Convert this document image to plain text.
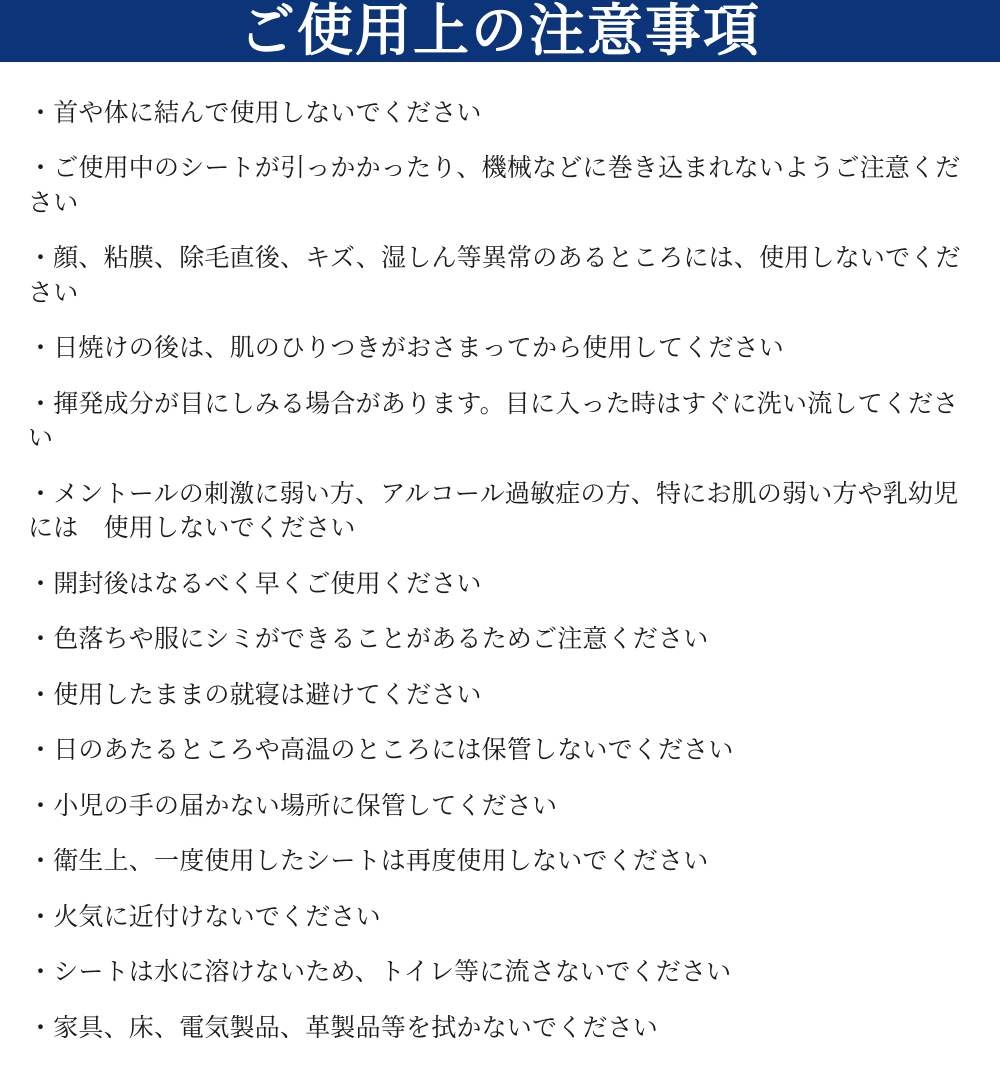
ご使用上の注意事項
・首や体に結んで使用しないでください
・ご使用中のシートが引っかかったり、機械などに巻き込まれないようご注意ください
・顔、粘膜、除毛直後、キズ、湿しん等異常のあるところには、使用しないでください
・日焼けの後は、肌のひりつきがおさまってから使用してください
・揮発成分が目にしみる場合があります。目に入った時はすぐに洗い流してください
・メントールの刺激に弱い方、アルコール過敏症の方、特にお肌の弱い方や乳幼児には　使用しないでください
・開封後はなるべく早くご使用ください
・色落ちや服にシミができることがあるためご注意ください
・使用したままの就寝は避けてください
・日のあたるところや高温のところには保管しないでください
・小児の手の届かない場所に保管してください
・衛生上、一度使用したシートは再度使用しないでください
・火気に近付けないでください
・シートは水に溶けないため、トイレ等に流さないでください
・家具、床、電気製品、革製品等を拭かないでください
